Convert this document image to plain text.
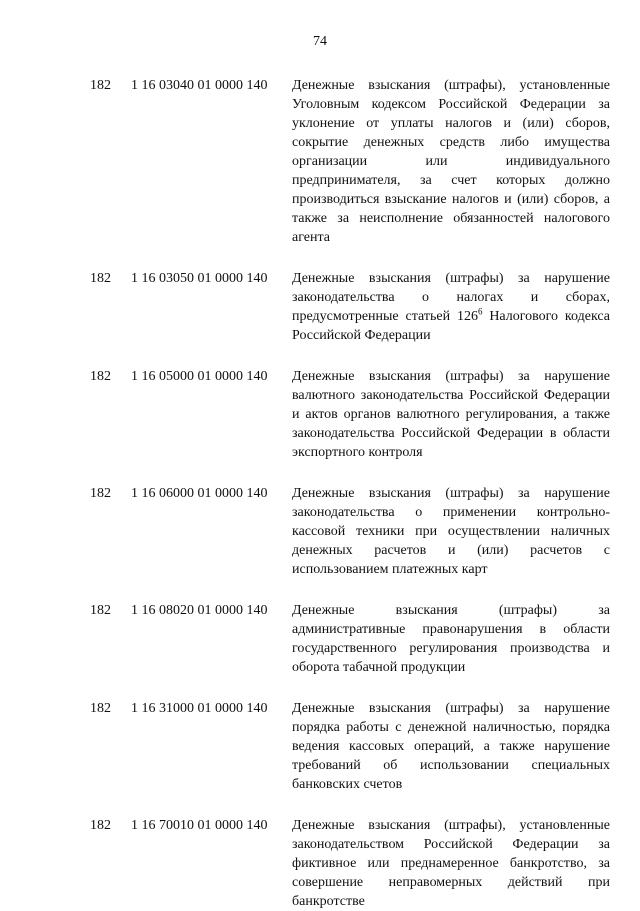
74
182 1 16 03040 01 0000 140 Денежные взыскания (штрафы), установленные Уголовным кодексом Российской Федерации за уклонение от уплаты налогов и (или) сборов, сокрытие денежных средств либо имущества организации или индивидуального предпринимателя, за счет которых должно производиться взыскание налогов и (или) сборов, а также за неисполнение обязанностей налогового агента
182 1 16 03050 01 0000 140 Денежные взыскания (штрафы) за нарушение законодательства о налогах и сборах, предусмотренные статьей $126^6$ Налогового кодекса Российской Федерации
182 1 16 05000 01 0000 140 Денежные взыскания (штрафы) за нарушение валютного законодательства Российской Федерации и актов органов валютного регулирования, а также законодательства Российской Федерации в области экспортного контроля
182 1 16 06000 01 0000 140 Денежные взыскания (штрафы) за нарушение законодательства о применении контрольно-кассовой техники при осуществлении наличных денежных расчетов и (или) расчетов с использованием платежных карт
182 1 16 08020 01 0000 140 Денежные взыскания (штрафы) за административные правонарушения в области государственного регулирования производства и оборота табачной продукции
182 1 16 31000 01 0000 140 Денежные взыскания (штрафы) за нарушение порядка работы с денежной наличностью, порядка ведения кассовых операций, а также нарушение требований об использовании специальных банковских счетов
182 1 16 70010 01 0000 140 Денежные взыскания (штрафы), установленные законодательством Российской Федерации за фиктивное или преднамеренное банкротство, за совершение неправомерных действий при банкротстве
